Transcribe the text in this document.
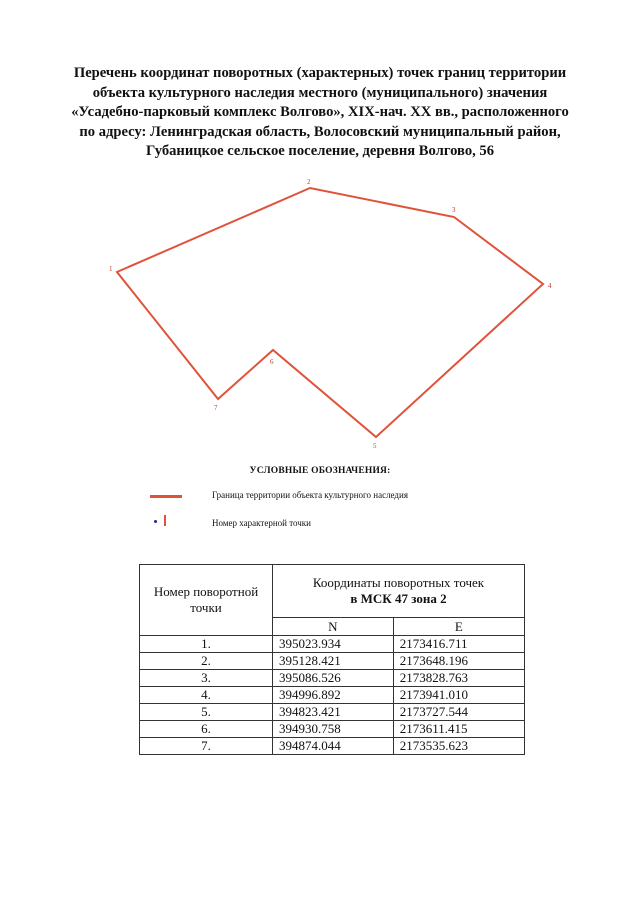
Перечень координат поворотных (характерных) точек границ территории
объекта культурного наследия местного (муниципального) значения
«Усадебно-парковый комплекс Волгово», XIX-нач. XX вв., расположенного
по адресу: Ленинградская область, Волосовский муниципальный район,
Губаницкое сельское поселение, деревня Волгово, 56
1
2
3
4
5
6
7
УСЛОВНЫЕ ОБОЗНАЧЕНИЯ:
Граница территории объекта культурного наследия
Номер характерной точки
Номер поворотной точки	Координаты поворотных точек
в МСК 47 зона 2	
	N	E
1.	395023.934	2173416.711
2.	395128.421	2173648.196
3.	395086.526	2173828.763
4.	394996.892	2173941.010
5.	394823.421	2173727.544
6.	394930.758	2173611.415
7.	394874.044	2173535.623
